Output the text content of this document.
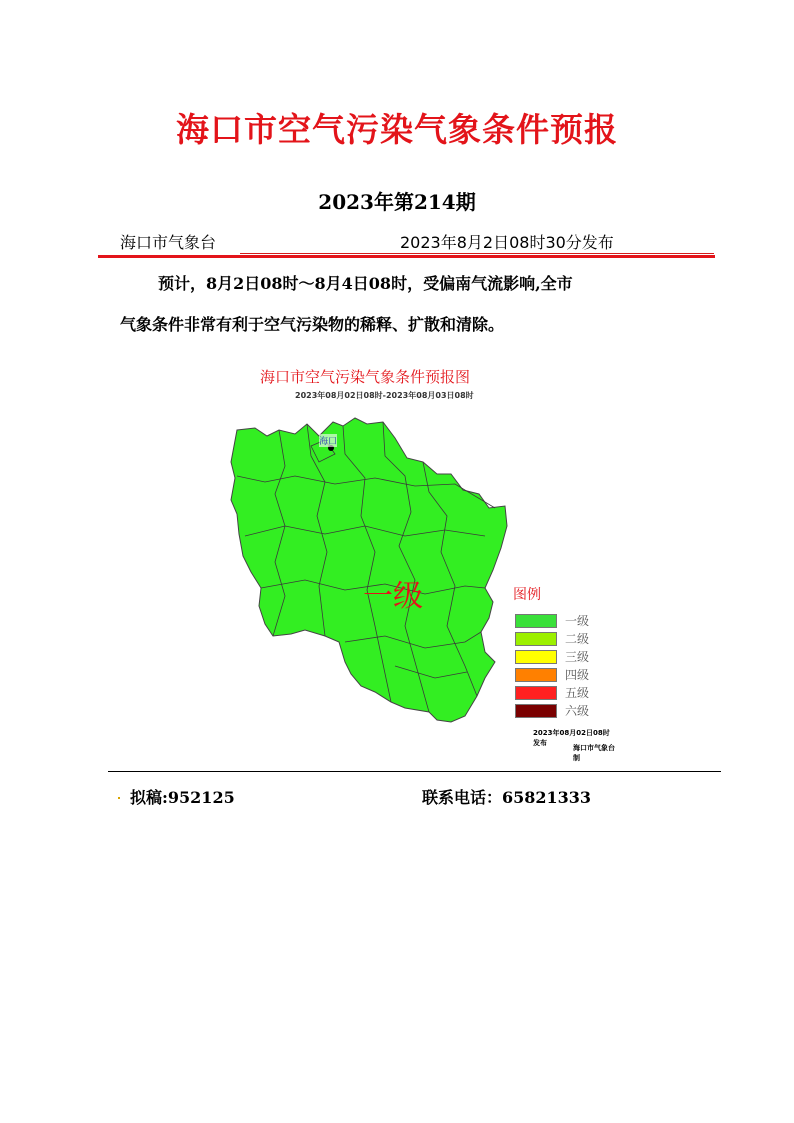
海口市空气污染气象条件预报
2023年第214期
海口市气象台	2023年8月2日08时30分发布
预计，8月2日08时～8月4日08时，受偏南气流影响,全市
气象条件非常有利于空气污染物的稀释、扩散和清除。
海口市空气污染气象条件预报图
2023年08月02日08时-2023年08月03日08时
海口
一级	图例
一级
二级
三级
四级
五级
六级
2023年08月02日08时发布
海口市气象台制
拟稿:952125	联系电话：65821333
